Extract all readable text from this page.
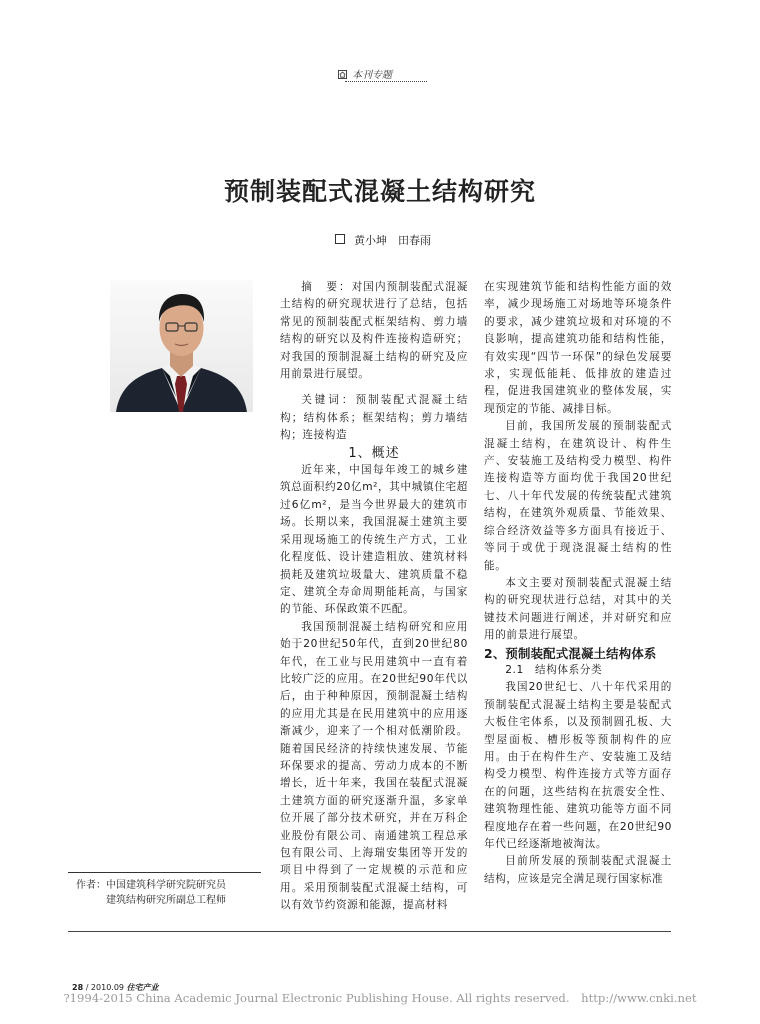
本刊专题
预制装配式混凝土结构研究
黄小坤　田春雨

摘　要：对国内预制装配式混凝土结构的研究现状进行了总结，包括常见的预制装配式框架结构、剪力墙结构的研究以及构件连接构造研究；对我国的预制混凝土结构的研究及应用前景进行展望。

关键词：预制装配式混凝土结构；结构体系；框架结构；剪力墙结构；连接构造

1、概述

近年来，中国每年竣工的城乡建筑总面积约20亿m²，其中城镇住宅超过6亿m²，是当今世界最大的建筑市场。长期以来，我国混凝土建筑主要采用现场施工的传统生产方式，工业化程度低、设计建造粗放、建筑材料损耗及建筑垃圾量大、建筑质量不稳定、建筑全寿命周期能耗高，与国家的节能、环保政策不匹配。

我国预制混凝土结构研究和应用始于20世纪50年代，直到20世纪80年代，在工业与民用建筑中一直有着比较广泛的应用。在20世纪90年代以后，由于种种原因，预制混凝土结构的应用尤其是在民用建筑中的应用逐渐减少，迎来了一个相对低潮阶段。随着国民经济的持续快速发展、节能环保要求的提高、劳动力成本的不断增长，近十年来，我国在装配式混凝土建筑方面的研究逐渐升温，多家单位开展了部分技术研究，并在万科企业股份有限公司、南通建筑工程总承包有限公司、上海瑞安集团等开发的项目中得到了一定规模的示范和应用。采用预制装配式混凝土结构，可以有效节约资源和能源，提高材料

在实现建筑节能和结构性能方面的效率，减少现场施工对场地等环境条件的要求，减少建筑垃圾和对环境的不良影响，提高建筑功能和结构性能，有效实现“四节一环保”的绿色发展要求，实现低能耗、低排放的建造过程，促进我国建筑业的整体发展，实现预定的节能、减排目标。

目前，我国所发展的预制装配式混凝土结构，在建筑设计、构件生产、安装施工及结构受力模型、构件连接构造等方面均优于我国20世纪七、八十年代发展的传统装配式建筑结构，在建筑外观质量、节能效果、综合经济效益等多方面具有接近于、等同于或优于现浇混凝土结构的性能。

本文主要对预制装配式混凝土结构的研究现状进行总结，对其中的关键技术问题进行阐述，并对研究和应用的前景进行展望。

2、预制装配式混凝土结构体系

2.1　结构体系分类

我国20世纪七、八十年代采用的预制装配式混凝土结构主要是装配式大板住宅体系，以及预制圆孔板、大型屋面板、槽形板等预制构件的应用。由于在构件生产、安装施工及结构受力模型、构件连接方式等方面存在的问题，这些结构在抗震安全性、建筑物理性能、建筑功能等方面不同程度地存在着一些问题，在20世纪90年代已经逐渐地被淘汰。

目前所发展的预制装配式混凝土结构，应该是完全满足现行国家标准

作者：中国建筑科学研究院研究员
建筑结构研究所副总工程师
28 / 2010.09 住宅产业
?1994-2015 China Academic Journal Electronic Publishing House. All rights reserved.　http://www.cnki.net
